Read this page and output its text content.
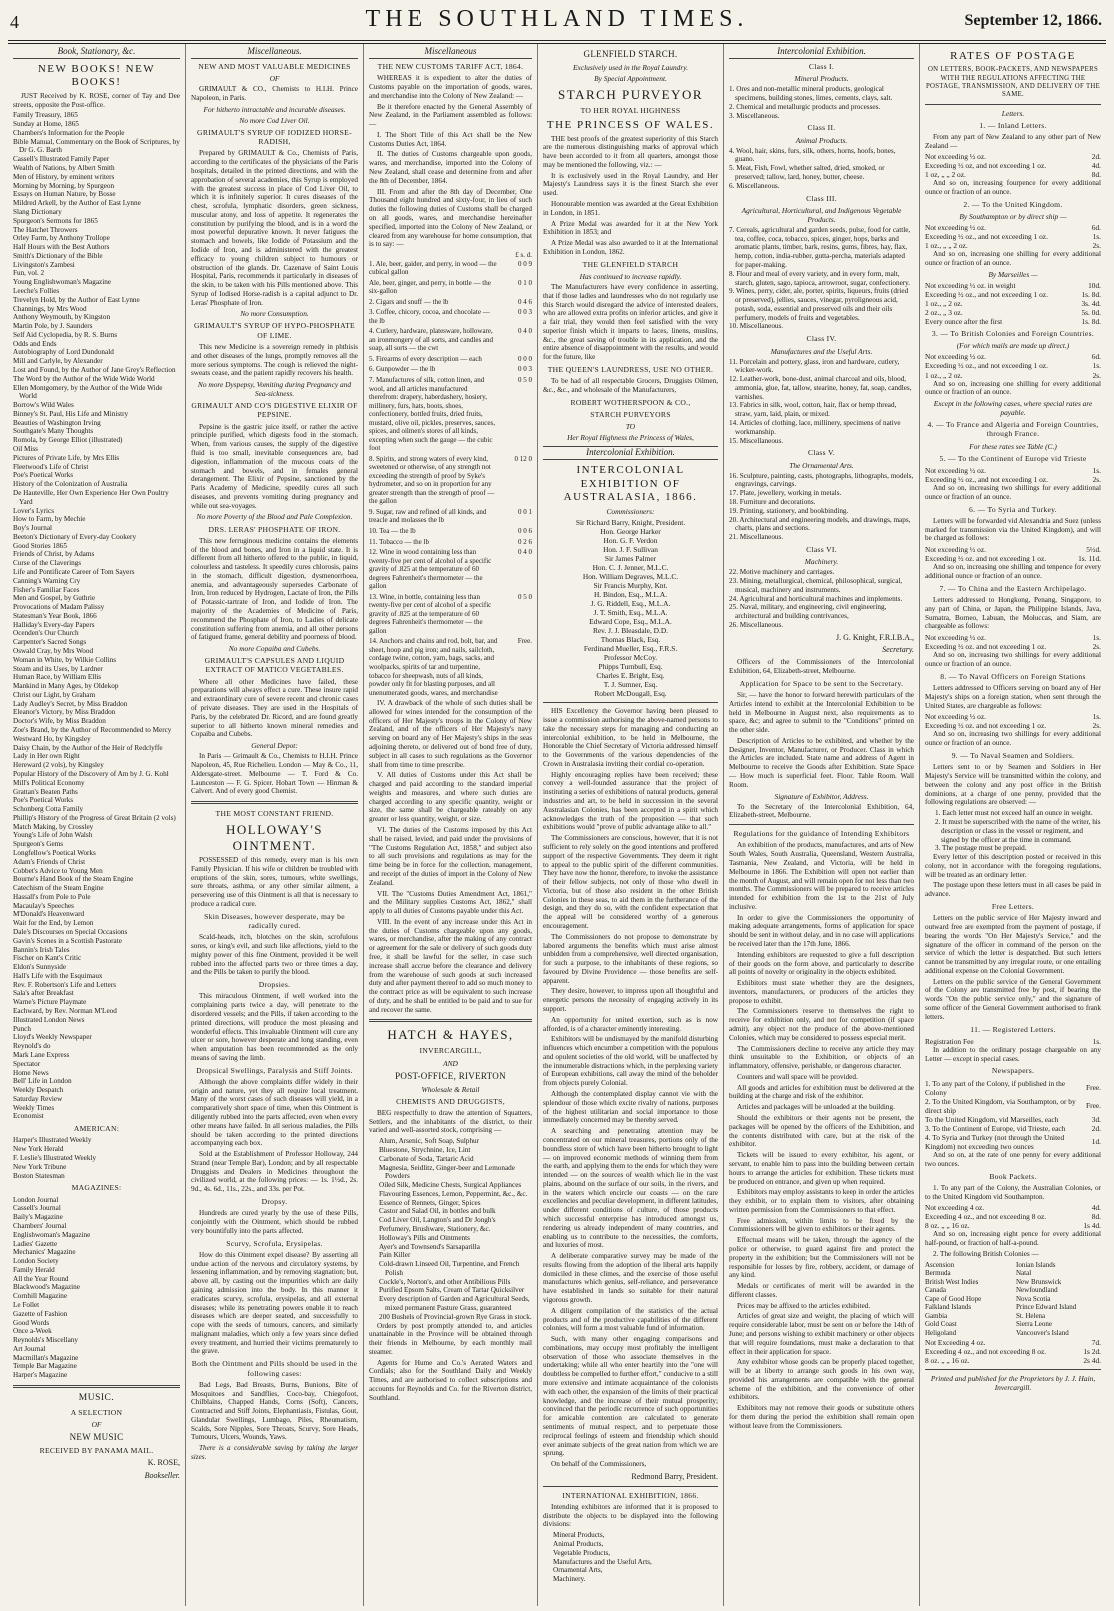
4	THE SOUTHLAND TIMES.	September 12, 1866.
Book, Stationary, &c.
NEW BOOKS! NEW BOOKS!
JUST Received by K. ROSE, corner of Tay and Dee streets, opposite the Post-office.
Family Treasury, 1865
Sunday at Home, 1865
Chambers's Information for the People
Bible Manual, Commentary on the Book of Scriptures, by Dr G. G. Barth
Cassell's Illustrated Family Paper
Wealth of Nations, by Albert Smith
Men of History, by eminent writers
Morning by Morning, by Spurgeon
Essays on Human Nature, by Bosse
Mildred Arkell, by the Author of East Lynne
Slang Dictionary
Spurgeon's Sermons for 1865
The Hatchet Throwers
Orley Farm, by Anthony Trollope
Half Hours with the Best Authors
Smith's Dictionary of the Bible
Livingston's Zambesi
Fun, vol. 2
Young Englishwoman's Magazine
Leeche's Follies
Trevelyn Hold, by the Author of East Lynne
Channings, by Mrs Wood
Anthony Weymouth, by Kingston
Martin Pole, by J. Saunders
Self Aid Cyclopedia, by R. S. Burns
Odds and Ends
Autobiography of Lord Dundonald
Mill and Carlyle, by Alexander
Lost and Found, by the Author of Jane Grey's Reflection
The Word by the Author of the Wide Wide World
Ellen Montgomery, by the Author of the Wide Wide World
Borrow's Wild Wales
Binney's St. Paul, His Life and Ministry
Beauties of Washington Irving
Southgate's Many Thoughts
Romola, by George Elliot (illustrated)
Oil Miss
Pictures of Private Life, by Mrs Ellis
Fleetwood's Life of Christ
Poe's Poetical Works
History of the Colonization of Australia
De Hauteville, Her Own Experience Her Own Poultry Yard
Lover's Lyrics
How to Farm, by Mechie
Boy's Journal
Beeton's Dictionary of Every-day Cookery
Good Stories 1865
Friends of Christ, by Adams
Curse of the Claverings
Life and Pontificate Career of Tom Sayers
Canning's Warning Cry
Fisher's Familiar Faces
Men and Gospel, by Guthrie
Provocations of Madam Palissy
Statesman's Year Book, 1866
Halliday's Every-day Papers
Ocenden's Our Church
Carpenter's Sacred Songs
Oswald Cray, by Mrs Wood
Woman in White, by Wilkie Collins
Steam and its Uses, by Lardner
Human Race, by William Ellis
Mankind in Many Ages, by Oldekop
Christ our Light, by Graham
Lady Audley's Secret, by Miss Braddon
Eleanor's Victory, by Miss Braddon
Doctor's Wife, by Miss Braddon
Zoe's Brand, by the Author of Recommended to Mercy
Westward Ho, by Kingsley
Daisy Chain, by the Author of the Heir of Redclyffe
Lady in Her own Right
Hereward (2 vols), by Kingsley
Popular History of the Discovery of Am by J. G. Kohl
Mill's Political Economy
Grattan's Beaten Paths
Poe's Poetical Works
Schonberg Cotta Family
Phillip's History of the Progress of Great Britain (2 vols)
Match Making, by Crossley
Young's Life of John Walsh
Spurgeon's Gems
Longfellow's Poetical Works
Adam's Friends of Christ
Cobbet's Advice to Young Men
Bourne's Hand Book of the Steam Engine
Catechism of the Steam Engine
Hassall's from Pole to Pole
Macaulay's Speeches
M'Donald's Heavenward
Wait for the End, by Lemon
Dale's Discourses on Special Occasions
Gavin's Scenes in a Scottish Pastorate
Bannin's Irish Tales
Fischer on Kant's Critic
Eldon's Sunnyside
Hall's Life with the Esquimaux
Rev. F. Robertson's Life and Letters
Sala's after Breakfast
Warne's Picture Playmate
Eachward, by Rev. Norman M'Leod
Illustrated London News
Punch
Lloyd's Weekly Newspaper
Reynold's do
Mark Lane Express
Spectator
Home News
Bell' Life in London
Weekly Despatch
Saturday Review
Weekly Times
Economist
AMERICAN:
Harper's Illustrated Weekly
New York Herald
F. Leslie's Illustrated Weekly
New York Tribune
Boston Statesman
MAGAZINES:
London Journal
Cassell's Journal
Baily's Magazine
Chambers' Journal
Englishwoman's Magazine
Ladies' Gazette
Mechanics' Magazine
London Society
Family Herald
All the Year Round
Blackwood's Magazine
Cornhill Magazine
Le Follet
Gazette of Fashion
Good Words
Once a-Week
Reynolds's Miscellany
Art Journal
Macmillan's Magazine
Temple Bar Magazine
Harper's Magazine
MUSIC.
A SELECTION
OF
NEW MUSIC
RECEIVED BY PANAMA MAIL.
K. ROSE,
Bookseller.
Miscellaneous.
NEW AND MOST VALUABLE MEDICINES
OF
GRIMAULT & CO., Chemists to H.I.H. Prince Napoleon, in Paris.
For hitherto intractable and incurable diseases.
No more Cod Liver Oil.
GRIMAULT'S SYRUP OF IODIZED HORSE-RADISH,
Prepared by GRIMAULT & Co., Chemists of Paris, according to the certificates of the physicians of the Paris hospitals, detailed in the printed directions, and with the approbation of several academies, this Syrup is employed with the greatest success in place of Cod Liver Oil, to which it is infinitely superior. It cures diseases of the chest, scrofula, lymphatic disorders, green sickness, muscular atony, and loss of appetite. It regenerates the constitution by purifying the blood, and is in a word the most powerful depurative known. It never fatigues the stomach and bowels, like Iodide of Potassium and the Iodide of Iron, and is administered with the greatest efficacy to young children subject to humours or obstruction of the glands. Dr. Cazenave of Saint Louis Hospital, Paris, recommends it particularly in diseases of the skin, to be taken with his Pills mentioned above. This Syrup of Iodised Horse-radish is a capital adjunct to Dr. Leras' Phosphate of Iron.
No more Consumption.
GRIMAULT'S SYRUP OF HYPO-PHOSPHATE OF LIME.
This new Medicine is a sovereign remedy in phthisis and other diseases of the lungs, promptly removes all the more serious symptoms. The cough is relieved the night-sweats cease, and the patient rapidly recovers his health.
No more Dyspepsy, Vomiting during Pregnancy and Sea-sickness.
GRIMAULT AND CO'S DIGESTIVE ELIXIR OF PEPSINE.
Pepsine is the gastric juice itself, or rather the active principle purified, which digests food in the stomach. When, from various causes, the supply of the digestive fluid is too small, inevitable consequences are, bad digestion, inflammation of the mucous coats of the stomach and bowels, and in females general derangement. The Elixir of Pepsine, sanctioned by the Paris Academy of Medicine, speedily cures all such diseases, and prevents vomiting during pregnancy and while out sea-voyages.
No more Poverty of the Blood and Pale Complexion.
DRS. LERAS' PHOSPHATE OF IRON.
This new ferruginous medicine contains the elements of the blood and bones, and Iron in a liquid state. It is different from all hitherto offered to the public, in liquid, colourless and tasteless. It speedily cures chlorosis, pains in the stomach, difficult digestion, dysmenorrhoea, anemia, and advantageously supersedes Carbonate of Iron, Iron reduced by Hydrogen, Lactate of Iron, the Pills of Potassic-tartrate of Iron, and Iodide of Iron. The majority of the Academies of Medicine of Paris, recommend the Phosphate of Iron, to Ladies of delicate constitution suffering from anemia, and all other persons of fatigued frame, general debility and poorness of blood.
No more Copaiba and Cubebs.
GRIMAULT'S CAPSULES AND LIQUID EXTRACT OF MATICO VEGETABLES.
Where all other Medicines have failed, these preparations will always effect a cure. These insure rapid and extraordinary cure of severe recent and chronic cases of private diseases. They are used in the Hospitals of Paris, by the celebrated Dr. Ricord, and are found greatly superior to all hitherto known mineral remedies and Copaiba and Cubebs.
General Depot:
In Paris — Grimault & Co., Chemists to H.I.H. Prince Napoleon, 45, Rue Richelieu. London — May & Co., 11, Aldersgate-street. Melbourne — T. Ford & Co. Launceston — F. G. Spicer. Hobart Town — Hinman & Calvert. And of every good Chemist.
THE MOST CONSTANT FRIEND.
HOLLOWAY'S OINTMENT.
POSSESSED of this remedy, every man is his own Family Physician. If his wife or children be troubled with eruptions of the skin, sores, tumours, white swellings, sore throats, asthma, or any other similar ailment, a persevering use of this Ointment is all that is necessary to produce a radical cure.
Skin Diseases, however desperate, may be radically cured.
Scald-heads, itch, blotches on the skin, scrofulous sores, or king's evil, and such like affections, yield to the mighty power of this fine Ointment, provided it be well rubbed into the affected parts two or three times a day, and the Pills be taken to purify the blood.
Dropsies.
This miraculous Ointment, if well worked into the complaining parts twice a day, will penetrate to the disordered vessels; and the Pills, if taken according to the printed directions, will produce the most pleasing and wonderful effects. This invaluable Ointment will cure any ulcer or sore, however desperate and long standing, even when amputation has been recommended as the only means of saving the limb.
Dropsical Swellings, Paralysis and Stiff Joints.
Although the above complaints differ widely in their origin and nature, yet they all require local treatment. Many of the worst cases of such diseases will yield, in a comparatively short space of time, when this Ointment is diligently rubbed into the parts affected, even when every other means have failed. In all serious maladies, the Pills should be taken according to the printed directions accompanying each box.
Sold at the Establishment of Professor Holloway, 244 Strand (near Temple Bar), London; and by all respectable Druggists and Dealers in Medicines throughout the civilized world, at the following prices: — 1s. 1½d., 2s. 9d., 4s. 6d., 11s., 22s., and 33s. per Pot.
Dropsy.
Hundreds are cured yearly by the use of these Pills, conjointly with the Ointment, which should be rubbed very bountifully into the parts affected.
Scurvy, Scrofula, Erysipelas.
How do this Ointment expel disease? By asserting all undue action of the nervous and circulatory systems, by lessening inflammation, and by removing stagnation; but, above all, by casting out the impurities which are daily gaining admission into the body. In this manner it eradicates scurvy, scrofula, erysipelas, and all external diseases; while its penetrating powers enable it to reach diseases which are deeper seated, and successfully to cope with the seeds of tumours, cancers, and similarly malignant maladies, which only a few years since defied every treatment, and hurried their victims prematurely to the grave.
Both the Ointment and Pills should be used in the following cases:
Bad Legs, Bad Breasts, Burns, Bunions, Bite of Mosquitoes and Sandflies, Coco-bay, Chiegofoot, Chilblains, Chapped Hands, Corns (Soft), Cancers, Contracted and Stiff Joints, Elephantiasis, Fistulas, Gout, Glandular Swellings, Lumbago, Piles, Rheumatism, Scalds, Sore Nipples, Sore Throats, Scurvy, Sore Heads, Tumours, Ulcers, Wounds, Yaws.
There is a considerable saving by taking the larger sizes.
Miscellaneous
THE NEW CUSTOMS TARIFF ACT, 1864.
WHEREAS it is expedient to alter the duties of Customs payable on the importation of goods, wares, and merchandise into the Colony of New Zealand: —
Be it therefore enacted by the General Assembly of New Zealand, in the Parliament assembled as follows: —
I. The Short Title of this Act shall be the New Customs Duties Act, 1864.
II. The duties of Customs chargeable upon goods, wares, and merchandise, imported into the Colony of New Zealand, shall cease and determine from and after the 8th of December, 1864.
III. From and after the 8th day of December, One Thousand eight hundred and sixty-four, in lieu of such duties the following duties of Customs shall be charged on all goods, wares, and merchandise hereinafter specified, imported into the Colony of New Zealand, or cleared from any warehouse for home consumption, that is to say: —
£ s. d.
1. Ale, beer, gaider, and perry, in wood — the cubical gallon	0 0 9
Ale, beer, ginger, and perry, in bottle — the six-gallon	0 1 0
2. Cigars and snuff — the lb	0 4 6
3. Coffee, chicory, cocoa, and chocolate — the lb	0 0 3
4. Cutlery, hardware, platesware, holloware, an ironmongery of all sorts, and candles and soap, all sorts — the cwt	0 4 0
5. Firearms of every description — each	0 0 0
6. Gunpowder — the lb	0 0 3
7. Manufactures of silk, cotton linen, and wool, and all articles manufactured therefrom: drapery, haberdashery, hosiery, millinery, furs, hats, boots, shoes, confectionery, bottled fruits, dried fruits, mustard, olive oil, pickles, preserves, sauces, spices, and oilmen's stores of all kinds, excepting when such the gauge — the cubic foot	0 5 0
8. Spirits, and strong waters of every kind, sweetened or otherwise, of any strength not exceeding the strength of proof by Syke's hydrometer, and so on in proportion for any greater strength than the strength of proof — the gallon	0 12 0
9. Sugar, raw and refined of all kinds, and treacle and molasses the lb	0 0 1
10. Tea — the lb	0 0 6
11. Tobacco — the lb	0 2 6
12. Wine in wood containing less than twenty-five per cent of alcohol of a specific gravity of .825 at the temperature of 60 degrees Fahrenheit's thermometer — the gallon	0 4 0
13. Wine, in bottle, containing less than twenty-five per cent of alcohol of a specific gravity of .825 at the temperature of 60 degrees Fahrenheit's thermometer — the gallon	0 5 0
14. Anchors and chains and rod, bolt, bar, and sheet, hoop and pig iron; and nails, sailcloth, cordage twine, cotton, yarn, bags, sacks, and woolpacks, spirits of tar and turpentine, tobacco for sheepwash, nuts of all kinds, powder only fit for blasting purposes, and all unenumerated goods, wares, and merchandise	Free.
IV. A drawback of the whole of such duties shall be allowed for wines intended for the consumption of the officers of Her Majesty's troops in the Colony of New Zealand, and of the officers of Her Majesty's navy serving on board any of Her Majesty's ships in the seas adjoining thereto, or delivered out of bond free of duty, subject in all cases to such regulations as the Governor shall from time to time prescribe.
V. All duties of Customs under this Act shall be charged and paid according to the standard imperial weights and measures, and where such duties are charged according to any specific quantity, weight or size, the same shall be chargeable rateably on any greater or less quantity, weight, or size.
VI. The duties of the Customs imposed by this Act shall be raised, levied, and paid under the provisions of "The Customs Regulation Act, 1858," and subject also to all such provisions and regulations as may for the time being be in force for the collection, management, and receipt of the duties of import in the Colony of New Zealand.
VII. The "Customs Duties Amendment Act, 1861," and the Military supplies Customs Act, 1862," shall apply to all duties of Customs payable under this Act.
VIII. In the event of any increase under this Act in the duties of Customs chargeable upon any goods, wares, or merchandise, after the making of any contract or agreement for the sale or delivery of such goods duty free, it shall be lawful for the seller, in case such increase shall accrue before the clearance and delivery from the warehouse of such goods at such increased duty and after payment thereof to add so much money to the contract price as will be equivalent to such increase of duty, and he shall be entitled to be paid and to sue for and recover the same.
HATCH & HAYES,
INVERCARGILL,
AND
POST-OFFICE, RIVERTON
Wholesale & Retail
CHEMISTS AND DRUGGISTS,
BEG respectfully to draw the attention of Squatters, Settlers, and the inhabitants of the district, to their varied and well-assorted stock, comprising —
Alum, Arsenic, Soft Soap, Sulphur
Bluestone, Strychnine, Ice, Lint
Carbonate of Soda, Tartaric Acid
Magnesia, Seidlitz, Ginger-beer and Lemonade Powders
Oiled Silk, Medicine Chests, Surgical Appliances
Flavouring Essences, Lemon, Peppermint, &c., &c.
Essence of Rennets, Ginger, Spices
Castor and Salad Oil, in bottles and bulk
Cod Liver Oil, Langton's and Dr Jongh's
Perfumery, Brushware, Stationery, &c.
Holloway's Pills and Ointments
Ayer's and Townsend's Sarsaparilla
Pain Killer
Cold-drawn Linseed Oil, Turpentine, and French Polish
Cockle's, Norton's, and other Antibilious Pills
Purified Epsom Salts, Cream of Tartar Quicksilver
Every description of Garden and Agricultural Seeds, mixed permanent Pasture Grass, guaranteed
200 Bushels of Provincial-grown Rye Grass in stock.
Orders by post promptly attended to, and articles unattainable in the Province will be obtained through their friends in Melbourne, by each monthly mail steamer.
Agents for Hume and Co.'s Aerated Waters and Cordials; also for the Southland Daily and Weekly Times, and are authorised to collect subscriptions and accounts for Reynolds and Co. for the Riverton district, Southland.
GLENFIELD STARCH.
Exclusively used in the Royal Laundry.
By Special Appointment.
STARCH PURVEYOR
TO HER ROYAL HIGHNESS
THE PRINCESS OF WALES.
THE best proofs of the greatest superiority of this Starch are the numerous distinguishing marks of approval which have been accorded to it from all quarters, amongst those may be mentioned the following, viz.: —
It is exclusively used in the Royal Laundry, and Her Majesty's Laundress says it is the finest Starch she ever used.
Honourable mention was awarded at the Great Exhibition in London, in 1851.
A Prize Medal was awarded for it at the New York Exhibition in 1853; and
A Prize Medal was also awarded to it at the International Exhibition in London, 1862.
THE GLENFIELD STARCH
Has continued to increase rapidly.
The Manufacturers have every confidence in asserting, that if those ladies and laundresses who do not regularly use this Starch would disregard the advice of interested dealers, who are allowed extra profits on inferior articles, and give it a fair trial, they would then feel satisfied with the very superior finish which it imparts to laces, linens, muslins, &c., the great saving of trouble in its application, and the entire absence of disappointment with the results, and would for the future, like
THE QUEEN'S LAUNDRESS, USE NO OTHER.
To be had of all respectable Grocers, Druggists Oilmen, &c., &c., and wholesale of the Manufacturers,
ROBERT WOTHERSPOON & CO.,
STARCH PURVEYORS
TO
Her Royal Highness the Princess of Wales,
Intercolonial Exhibition.
INTERCOLONIAL EXHIBITION OF AUSTRALASIA, 1866.
Commissioners:
Sir Richard Barry, Knight, President.
Hon. George Harker
Hon. G. F. Verdon
Hon. J. F. Sullivan
Sir James Palmer
Hon. C. J. Jenner, M.L.C.
Hon. William Degraves, M.L.C.
Sir Francis Murphy, Knt.
H. Bindon, Esq., M.L.A.
J. G. Riddell, Esq., M.L.A.
J. T. Smith, Esq., M.L.A.
Edward Cope, Esq., M.L.A.
Rev. J. J. Bleasdale, D.D.
Thomas Black, Esq.
Ferdinand Mueller, Esq., F.R.S.
Professor McCoy.
Phipps Turnbull, Esq.
Charles E. Bright, Esq.
T. J. Sumner, Esq.
Robert McDougall, Esq.
HIS Excellency the Governor having been pleased to issue a commission authorising the above-named persons to take the necessary steps for managing and conducting an intercolonial exhibition, to be held in Melbourne, the Honorable the Chief Secretary of Victoria addressed himself to the Governments of the various dependencies of the Crown in Australasia inviting their cordial co-operation.
Highly encouraging replies have been received; these convey a well-founded assurance that the project of instituting a series of exhibitions of natural products, general industries and art, to be held in succession in the several Australasian Colonies, has been accepted in a spirit which acknowledges the truth of the proposition — that such exhibitions would "prove of public advantage alike to all."
The Commissioners are conscious, however, that it is not sufficient to rely solely on the good intentions and proffered support of the respective Governments. They deem it right to appeal to the public spirit of the different communities. They have now the honor, therefore, to invoke the assistance of their fellow subjects, not only of those who dwell in Victoria, but of those also resident in the other British Colonies in these seas, to aid them in the furtherance of the design, and they do so, with the confident expectation that the appeal will be considered worthy of a generous encouragement.
The Commissioners do not propose to demonstrate by labored arguments the benefits which must arise almost unbidden from a comprehensive, well directed organisation, for such a purpose, to the inhabitants of these regions, so favoured by Divine Providence — those benefits are self-apparent.
They desire, however, to impress upon all thoughtful and energetic persons the necessity of engaging actively in its support.
An opportunity for united exertion, such as is now afforded, is of a character eminently interesting.
Exhibitors will be undismayed by the manifold disturbing influences which encumber a competition with the populous and opulent societies of the old world, will be unaffected by the innumerable distractions which, in the perplexing variety of European exhibitions, call away the mind of the beholder from objects purely Colonial.
Although the contemplated display cannot vie with the splendour of those which excite rivalry of nations, purposes of the highest utilitarian and social importance to those immediately concerned may be thereby served.
A searching and penetrating attention may be concentrated on our mineral treasures, portions only of the boundless store of which have been hitherto brought to light — on improved economic methods of winning them from the earth, and applying them to the ends for which they were intended — on the sources of wealth which lie in the vast plains, abound on the surface of our soils, in the rivers, and in the waters which encircle our coasts — on the rare excellencies and peculiar development, in different latitudes, under different conditions of culture, of those products which successful enterprise has introduced amongst us, rendering us already independent of many countries, and enabling us to contribute to the necessities, the comforts, and luxuries of most.
A deliberate comparative survey may be made of the results flowing from the adoption of the liberal arts happily domiciled in these climes, and the exercise of those useful manufactures which genius, self-reliance, and perseverance have established in lands so suitable for their natural vigorous growth.
A diligent compilation of the statistics of the actual products and of the productive capabilities of the different colonies, will form a most valuable fund of information.
Such, with many other engaging comparisons and combinations, may occupy most profitably the intelligent observation of those who associate themselves in the undertaking; while all who enter heartily into the "one will doubtless be compelled to further effort," conducive to a still more extensive and intimate acquaintance of the colonists with each other, the expansion of the limits of their practical knowledge, and the increase of their mutual prosperity; convinced that the periodic recurrence of such opportunities for amicable contention are calculated to generate sentiments of mutual respect, and to perpetuate those reciprocal feelings of esteem and friendship which should ever animate subjects of the great nation from which we are sprung.
On behalf of the Commissioners,
Redmond Barry, President.
INTERNATIONAL EXHIBITION, 1866.
Intending exhibitors are informed that it is proposed to distribute the objects to be displayed into the following divisions:
Mineral Products,
Animal Products,
Vegetable Products,
Manufactures and the Useful Arts,
Ornamental Arts,
Machinery.
Intercolonial Exhibition.
Class I.
Mineral Products.
1. Ores and non-metallic mineral products, geological specimens, building stones, limes, cements, clays, salt.
2. Chemical and metallurgic products and processes.
3. Miscellaneous.
Class II.
Animal Products.
4. Wool, hair, skins, furs, silk, others, horns, hoofs, bones, guano.
5. Meat, Fish, Fowl, whether salted, dried, smoked, or preserved; tallow, lard, honey, butter, cheese.
6. Miscellaneous.
Class III.
Agricultural, Horticultural, and Indigenous Vegetable Products.
7. Cereals, agricultural and garden seeds, pulse, food for cattle, tea, coffee, coca, tobacco, spices, ginger, hops, barks and aromatic plants, timber, bark, resins, gums, fibres, hay, flax, hemp, cotton, india-rubber, gutta-percha, materials adapted for paper-making.
8. Flour and meal of every variety, and in every form, malt, starch, gluten, sago, tapioca, arrowroot, sugar, confectionery.
9. Wines, perry, cider, ale, porter, spirits, liqueurs, fruits (dried or preserved), jellies, sauces, vinegar, pyroligneous acid, potash, soda, essential and preserved oils and their oils perfumery, models of fruits and vegetables.
10. Miscellaneous.
Class IV.
Manufactures and the Useful Arts.
11. Porcelain and pottery, glass, iron and hardware, cutlery, wicker-work.
12. Leather-work, bone-dust, animal charcoal and oils, blood, ammonia, glue, fat, tallow, stearine, honey, fat, soap, candles, varnishes.
13. Fabrics in silk, wool, cotton, hair, flax or hemp thread, straw, yarn, laid, plain, or mixed.
14. Articles of clothing, lace, millinery, specimens of native workmanship.
15. Miscellaneous.
Class V.
The Ornamental Arts.
16. Sculpture, painting, casts, photographs, lithographs, models, engravings, carvings.
17. Plate, jewellery, working in metals.
18. Furniture and decorations.
19. Printing, stationery, and bookbinding.
20. Architectural and engineering models, and drawings, maps, charts, plans and sections.
21. Miscellaneous.
Class VI.
Machinery.
22. Motive machinery and carriages.
23. Mining, metallurgical, chemical, philosophical, surgical, musical, machinery and instruments.
24. Agricultural and horticultural machines and implements.
25. Naval, military, and engineering, civil engineering, architectural and building contrivances,
26. Miscellaneous.
J. G. Knight, F.R.I.B.A.,
Secretary.
Officers of the Commissioners of the Intercolonial Exhibition, 64, Elizabeth-street, Melbourne.
Application for Space to be sent to the Secretary.
Sir, — have the honor to forward herewith particulars of the Articles intend to exhibit at the Intercolonial Exhibition to be held in Melbourne in August next, also requirements as to space, &c; and agree to submit to the "Conditions" printed on the other side.
Description of Articles to be exhibited, and whether by the Designer, Inventor, Manufacturer, or Producer. Class in which the Articles are included. State name and address of Agent in Melbourne to receive the Goods after Exhibition. State Space — How much is superficial feet. Floor. Table Room. Wall Room.
Signature of Exhibitor, Address.
To the Secretary of the Intercolonial Exhibition, 64, Elizabeth-street, Melbourne.
Regulations for the guidance of Intending Exhibitors
An exhibition of the products, manufactures, and arts of New South Wales, South Australia, Queensland, Western Australia, Tasmania, New Zealand, and Victoria, will be held in Melbourne in 1866. The Exhibition will open not earlier than the month of August, and will remain open for not less than two months. The Commissioners will be prepared to receive articles intended for exhibition from the 1st to the 21st of July inclusive.
In order to give the Commissioners the opportunity of making adequate arrangements, forms of application for space should be sent in without delay, and in no case will applications be received later than the 17th June, 1866.
Intending exhibitors are requested to give a full description of their goods on the form above, and particularly to describe all points of novelty or originality in the objects exhibited.
Exhibitors must state whether they are the designers, inventors, manufacturers, or producers of the articles they propose to exhibit.
The Commissioners reserve to themselves the right to receive for exhibition only, and not for competition (if space admit), any object not the produce of the above-mentioned Colonies, which may be considered to possess especial merit.
The Commissioners decline to receive any article they may think unsuitable to the Exhibition, or objects of an inflammatory, offensive, perishable, or dangerous character.
Counters and wall space will be provided.
All goods and articles for exhibition must be delivered at the building at the charge and risk of the exhibitor.
Articles and packages will be unloaded at the building.
Should the exhibitors or their agents not be present, the packages will be opened by the officers of the Exhibition, and the contents distributed with care, but at the risk of the exhibitor.
Tickets will be issued to every exhibitor, his agent, or servant, to enable him to pass into the building between certain hours to arrange the articles for exhibition. These tickets must be produced on entrance, and given up when required.
Exhibitors may employ assistants to keep in order the articles they exhibit, or to explain them to visitors, after obtaining written permission from the Commissioners to that effect.
Free admission, within limits to be fixed by the Commissioners will be given to exhibitors or their agents.
Effectual means will be taken, through the agency of the police or otherwise, to guard against fire and protect the property in the exhibition; but the Commissioners will not be responsible for losses by fire, robbery, accident, or damage of any kind.
Medals or certificates of merit will be awarded in the different classes.
Prices may be affixed to the articles exhibited.
Articles of great size and weight, the placing of which will require considerable labor, must be sent on or before the 14th of June; and persons wishing to exhibit machinery or other objects that will require foundations, must make a declaration to that effect in their application for space.
Any exhibitor whose goods can be properly placed together, will be at liberty to arrange such goods in his own way, provided his arrangements are compatible with the general scheme of the exhibition, and the convenience of other exhibitors.
Exhibitors may not remove their goods or substitute others for them during the period the exhibition shall remain open without leave from the Commissioners.
RATES OF POSTAGE
ON LETTERS, BOOK-PACKETS, AND NEWSPAPERS WITH THE REGULATIONS AFFECTING THE POSTAGE, TRANSMISSION, AND DELIVERY OF THE SAME.
Letters.
1. — Inland Letters.
From any part of New Zealand to any other part of New Zealand —
Not exceeding ½ oz.	2d.
Exceeding ½ oz, and not exceeding 1 oz.	4d.
1 oz, „ „ 2 oz.	8d.
And so on, increasing fourpence for every additional ounce or fraction of an ounce.
2. — To the United Kingdom.
By Southampton or by direct ship —
Not exceeding ½ oz.	6d.
Exceeding ½ oz., and not exceeding 1 oz.	1s.
1 oz., „ „ 2 oz.	2s.
And so on, increasing one shilling for every additional ounce or fraction of an ounce.
By Marseilles —
Not exceeding ½ oz. in weight	10d.
Exceeding ½ oz., and not exceeding 1 oz.	1s. 8d.
1 oz., „ 2 oz.	3s. 4d.
2 oz., „ 3 oz.	5s. 0d.
Every ounce after the first	1s. 8d.
3. — To British Colonies and Foreign Countries.
(For which mails are made up direct.)
Not exceeding ½ oz.	6d.
Exceeding ½ oz., and not exceeding 1 oz.	1s.
1 oz., „ 2 oz.	2s.
And so on, increasing one shilling for every additional ounce or fraction of an ounce.
Except in the following cases, where special rates are payable.
4. — To France and Algeria and Foreign Countries, through France.
For these rates see Table (C.)
5. — To the Continent of Europe vid Trieste
Not exceeding ½ oz.	1s.
Exceeding ½ oz., and not exceeding 1 oz.	2s.
And so on, increasing two shillings for every additional ounce or fraction of an ounce.
6. — To Syria and Turkey.
Letters will be forwarded vid Alexandria and Suez (unless marked for transmission via the United Kingdom), and will be charged as follows:
Not exceeding ½ oz.	5½d.
Exceeding ½ oz. and not exceeding 1 oz.	1s. 11d.
And so on, increasing one shilling and tenpence for every additional ounce or fraction of an ounce.
7. — To China and the Eastern Archipelago.
Letters addressed to Hongkong, Penang, Singapore, to any part of China, or Japan, the Philippine Islands, Java, Sumatra, Borneo, Labuan, the Moluccas, and Siam, are chargeable as follows:
Not exceeding ½ oz.	1s.
Exceeding ½ oz. and not exceeding 1 oz.	2s.
And so on, increasing two shillings for every additional ounce or fraction of an ounce.
8. — To Naval Officers on Foreign Stations
Letters addressed to Officers serving on board any of Her Majesty's ships on a foreign station, when sent through the United States, are chargeable as follows:
Not exceeding ½ oz.	1s.
Exceeding ½ oz. and not exceeding 1 oz.	2s.
And so on, increasing two shillings for every additional ounce or fraction of an ounce.
9. — To Naval Seamen and Soldiers.
Letters sent to or by Seamen and Soldiers in Her Majesty's Service will be transmitted within the colony, and between the colony and any post office in the British dominions, at a charge of one penny, provided that the following regulations are observed: —
1. Each letter must not exceed half an ounce in weight.
2. It must be superscribed with the name of the writer, his description or class in the vessel or regiment, and signed by the officer at the time in command.
3. The postage must be prepaid.
Every letter of this description posted or received in this colony, not in accordance with the foregoing regulations, will be treated as an ordinary letter.
The postage upon these letters must in all cases be paid in advance.
Free Letters.
Letters on the public service of Her Majesty inward and outward free are exempted from the payment of postage, if bearing the words "On Her Majesty's Service," and the signature of the officer in command of the person on the service of which the letter is despatched. But such letters cannot be transmitted by any irregular route, or one entailing additional expense on the Colonial Government.
Letters on the public service of the General Government of the Colony are transmitted free by post, if bearing the words "On the public service only," and the signature of some officer of the General Government authorised to frank letters.
11. — Registered Letters.
Registration Fee	1s.
In addition to the ordinary postage chargeable on any Letter — except in special cases.
Newspapers.
1. To any part of the Colony, if published in the Colony	Free.
2. To the United Kingdom, via Southampton, or by direct ship	Free.
To the United Kingdom, vid Marseilles, each	3d.
3. To the Continent of Europe, vid Trieste, each	2d.
4. To Syria and Turkey (not through the United Kingdom) not exceeding two ounces	1d.
And so on, at the rate of one penny for every additional two ounces.
Book Packets.
1. To any part of the Colony, the Australian Colonies, or to the United Kingdom vid Southampton.
Not exceeding 4 oz.	4d.
Exceeding 4 oz., and not exceeding 8 oz.	8d.
8 oz. „ „ 16 oz.	1s 4d.
And so on, increasing eight pence for every additional half-pound, or fraction of half-a-pound.
2. The following British Colonies —
Ascension
Bermuda
British West Indies
Canada
Cape of Good Hope
Falkland Islands
Gambia
Gold Coast
Heligoland
Ionian Islands
Natal
New Brunswick
Newfoundland
Nova Scotia
Prince Edward Island
St. Helena
Sierra Leone
Vancouver's Island
Not Exceeding 4 oz.	7d.
Exceeding 4 oz., and not exceeding 8 oz.	1s 2d.
8 oz. „ „ 16 oz.	2s 4d.
Printed and published for the Proprietors by J. J. Hain, Invercargill.
